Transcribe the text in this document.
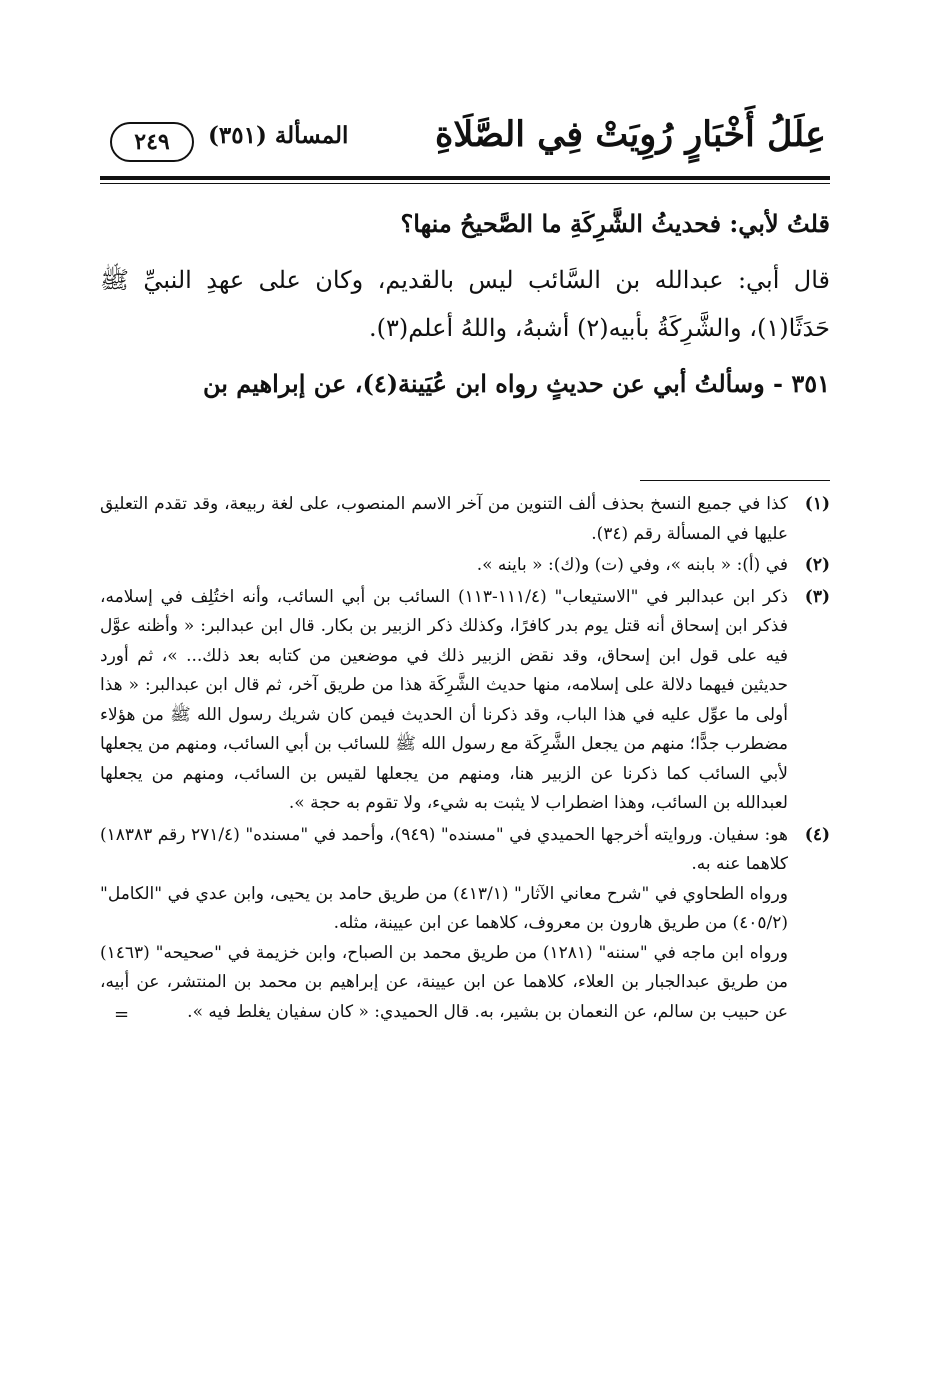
عِلَلُ أَخْبَارٍ رُوِيَتْ فِي الصَّلَاةِ
المسألة (٣٥١)
٢٤٩

قلتُ لأبي: فحديثُ الشَّرِكَةِ ما الصَّحيحُ منها؟

قال أبي: عبدالله بن السَّائب ليس بالقديم، وكان على عهدِ النبيِّ ﷺ حَدَثًا(١)، والشَّرِكَةُ بأبيه(٢) أشبهُ، واللهُ أعلم(٣).

٣٥١ - وسألتُ أبي عن حديثٍ رواه ابن عُيَينة(٤)، عن إبراهيم بن

(١)

كذا في جميع النسخ بحذف ألف التنوين من آخر الاسم المنصوب، على لغة ربيعة، وقد تقدم التعليق عليها في المسألة رقم (٣٤).

(٢)

في (أ): « بابنه »، وفي (ت) و(ك): « باينه ».

(٣)

ذكر ابن عبدالبر في "الاستيعاب" (١١١/٤-١١٣) السائب بن أبي السائب، وأنه اختُلِف في إسلامه، فذكر ابن إسحاق أنه قتل يوم بدر كافرًا، وكذلك ذكر الزبير بن بكار. قال ابن عبدالبر: « وأظنه عوَّل فيه على قول ابن إسحاق، وقد نقض الزبير ذلك في موضعين من كتابه بعد ذلك... »، ثم أورد حديثين فيهما دلالة على إسلامه، منها حديث الشَّرِكَة هذا من طريق آخر، ثم قال ابن عبدالبر: « هذا أولى ما عوِّل عليه في هذا الباب، وقد ذكرنا أن الحديث فيمن كان شريك رسول الله ﷺ من هؤلاء مضطرب جدًّا؛ منهم من يجعل الشَّرِكَة مع رسول الله ﷺ للسائب بن أبي السائب، ومنهم من يجعلها لأبي السائب كما ذكرنا عن الزبير هنا، ومنهم من يجعلها لقيس بن السائب، ومنهم من يجعلها لعبدالله بن السائب، وهذا اضطراب لا يثبت به شيء، ولا تقوم به حجة ».

(٤)

هو: سفيان. وروايته أخرجها الحميدي في "مسنده" (٩٤٩)، وأحمد في "مسنده" (٢٧١/٤ رقم ١٨٣٨٣) كلاهما عنه به.

ورواه الطحاوي في "شرح معاني الآثار" (٤١٣/١) من طريق حامد بن يحيى، وابن عدي في "الكامل" (٤٠٥/٢) من طريق هارون بن معروف، كلاهما عن ابن عيينة، مثله.

ورواه ابن ماجه في "سننه" (١٢٨١) من طريق محمد بن الصباح، وابن خزيمة في "صحيحه" (١٤٦٣) من طريق عبدالجبار بن العلاء، كلاهما عن ابن عيينة، عن إبراهيم بن محمد بن المنتشر، عن أبيه، عن حبيب بن سالم، عن النعمان بن بشير، به. قال الحميدي: « كان سفيان يغلط فيه ».

=
